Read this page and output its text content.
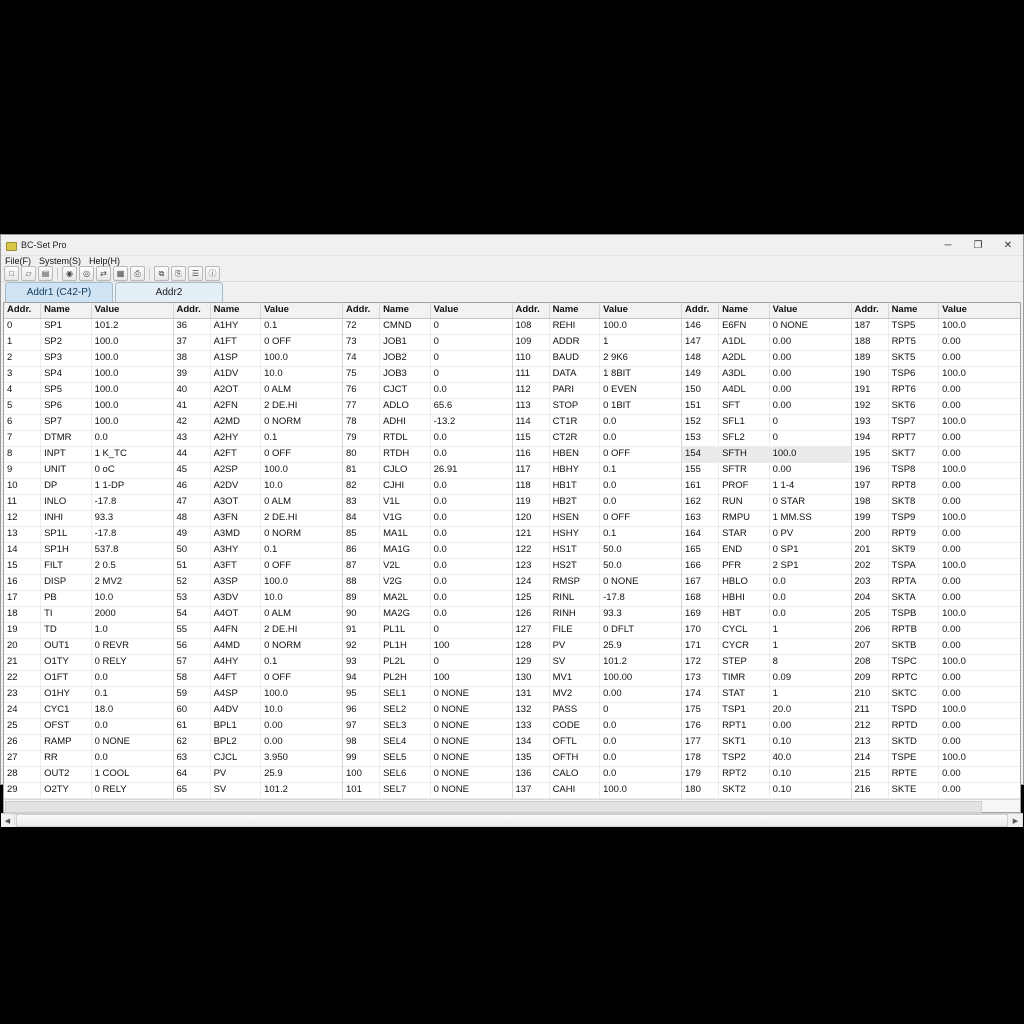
BC-Set Pro	─	❐	✕
File(F) System(S) Help(H)
□	▱	▤	◉	◎	⇄	▦	⎙	⧉	⎘	☰	ⓘ
Addr1 (C42-P)	Addr2
Addr.	Name	Value
0	SP1	101.2
1	SP2	100.0
2	SP3	100.0
3	SP4	100.0
4	SP5	100.0
5	SP6	100.0
6	SP7	100.0
7	DTMR	0.0
8	INPT	1 K_TC
9	UNIT	0 oC
10	DP	1 1-DP
11	INLO	-17.8
12	INHI	93.3
13	SP1L	-17.8
14	SP1H	537.8
15	FILT	2 0.5
16	DISP	2 MV2
17	PB	10.0
18	TI	2000
19	TD	1.0
20	OUT1	0 REVR
21	O1TY	0 RELY
22	O1FT	0.0
23	O1HY	0.1
24	CYC1	18.0
25	OFST	0.0
26	RAMP	0 NONE
27	RR	0.0
28	OUT2	1 COOL
29	O2TY	0 RELY
Addr.	Name	Value
36	A1HY	0.1
37	A1FT	0 OFF
38	A1SP	100.0
39	A1DV	10.0
40	A2OT	0 ALM
41	A2FN	2 DE.HI
42	A2MD	0 NORM
43	A2HY	0.1
44	A2FT	0 OFF
45	A2SP	100.0
46	A2DV	10.0
47	A3OT	0 ALM
48	A3FN	2 DE.HI
49	A3MD	0 NORM
50	A3HY	0.1
51	A3FT	0 OFF
52	A3SP	100.0
53	A3DV	10.0
54	A4OT	0 ALM
55	A4FN	2 DE.HI
56	A4MD	0 NORM
57	A4HY	0.1
58	A4FT	0 OFF
59	A4SP	100.0
60	A4DV	10.0
61	BPL1	0.00
62	BPL2	0.00
63	CJCL	3.950
64	PV	25.9
65	SV	101.2
Addr.	Name	Value
72	CMND	0
73	JOB1	0
74	JOB2	0
75	JOB3	0
76	CJCT	0.0
77	ADLO	65.6
78	ADHI	-13.2
79	RTDL	0.0
80	RTDH	0.0
81	CJLO	26.91
82	CJHI	0.0
83	V1L	0.0
84	V1G	0.0
85	MA1L	0.0
86	MA1G	0.0
87	V2L	0.0
88	V2G	0.0
89	MA2L	0.0
90	MA2G	0.0
91	PL1L	0
92	PL1H	100
93	PL2L	0
94	PL2H	100
95	SEL1	0 NONE
96	SEL2	0 NONE
97	SEL3	0 NONE
98	SEL4	0 NONE
99	SEL5	0 NONE
100	SEL6	0 NONE
101	SEL7	0 NONE
Addr.	Name	Value
108	REHI	100.0
109	ADDR	1
110	BAUD	2 9K6
111	DATA	1 8BIT
112	PARI	0 EVEN
113	STOP	0 1BIT
114	CT1R	0.0
115	CT2R	0.0
116	HBEN	0 OFF
117	HBHY	0.1
118	HB1T	0.0
119	HB2T	0.0
120	HSEN	0 OFF
121	HSHY	0.1
122	HS1T	50.0
123	HS2T	50.0
124	RMSP	0 NONE
125	RINL	-17.8
126	RINH	93.3
127	FILE	0 DFLT
128	PV	25.9
129	SV	101.2
130	MV1	100.00
131	MV2	0.00
132	PASS	0
133	CODE	0.0
134	OFTL	0.0
135	OFTH	0.0
136	CALO	0.0
137	CAHI	100.0
Addr.	Name	Value
146	E6FN	0 NONE
147	A1DL	0.00
148	A2DL	0.00
149	A3DL	0.00
150	A4DL	0.00
151	SFT	0.00
152	SFL1	0
153	SFL2	0
154	SFTH	100.0
155	SFTR	0.00
161	PROF	1 1-4
162	RUN	0 STAR
163	RMPU	1 MM.SS
164	STAR	0 PV
165	END	0 SP1
166	PFR	2 SP1
167	HBLO	0.0
168	HBHI	0.0
169	HBT	0.0
170	CYCL	1
171	CYCR	1
172	STEP	8
173	TIMR	0.09
174	STAT	1
175	TSP1	20.0
176	RPT1	0.00
177	SKT1	0.10
178	TSP2	40.0
179	RPT2	0.10
180	SKT2	0.10
Addr.	Name	Value
187	TSP5	100.0
188	RPT5	0.00
189	SKT5	0.00
190	TSP6	100.0
191	RPT6	0.00
192	SKT6	0.00
193	TSP7	100.0
194	RPT7	0.00
195	SKT7	0.00
196	TSP8	100.0
197	RPT8	0.00
198	SKT8	0.00
199	TSP9	100.0
200	RPT9	0.00
201	SKT9	0.00
202	TSPA	100.0
203	RPTA	0.00
204	SKTA	0.00
205	TSPB	100.0
206	RPTB	0.00
207	SKTB	0.00
208	TSPC	100.0
209	RPTC	0.00
210	SKTC	0.00
211	TSPD	100.0
212	RPTD	0.00
213	SKTD	0.00
214	TSPE	100.0
215	RPTE	0.00
216	SKTE	0.00
◀	▶
